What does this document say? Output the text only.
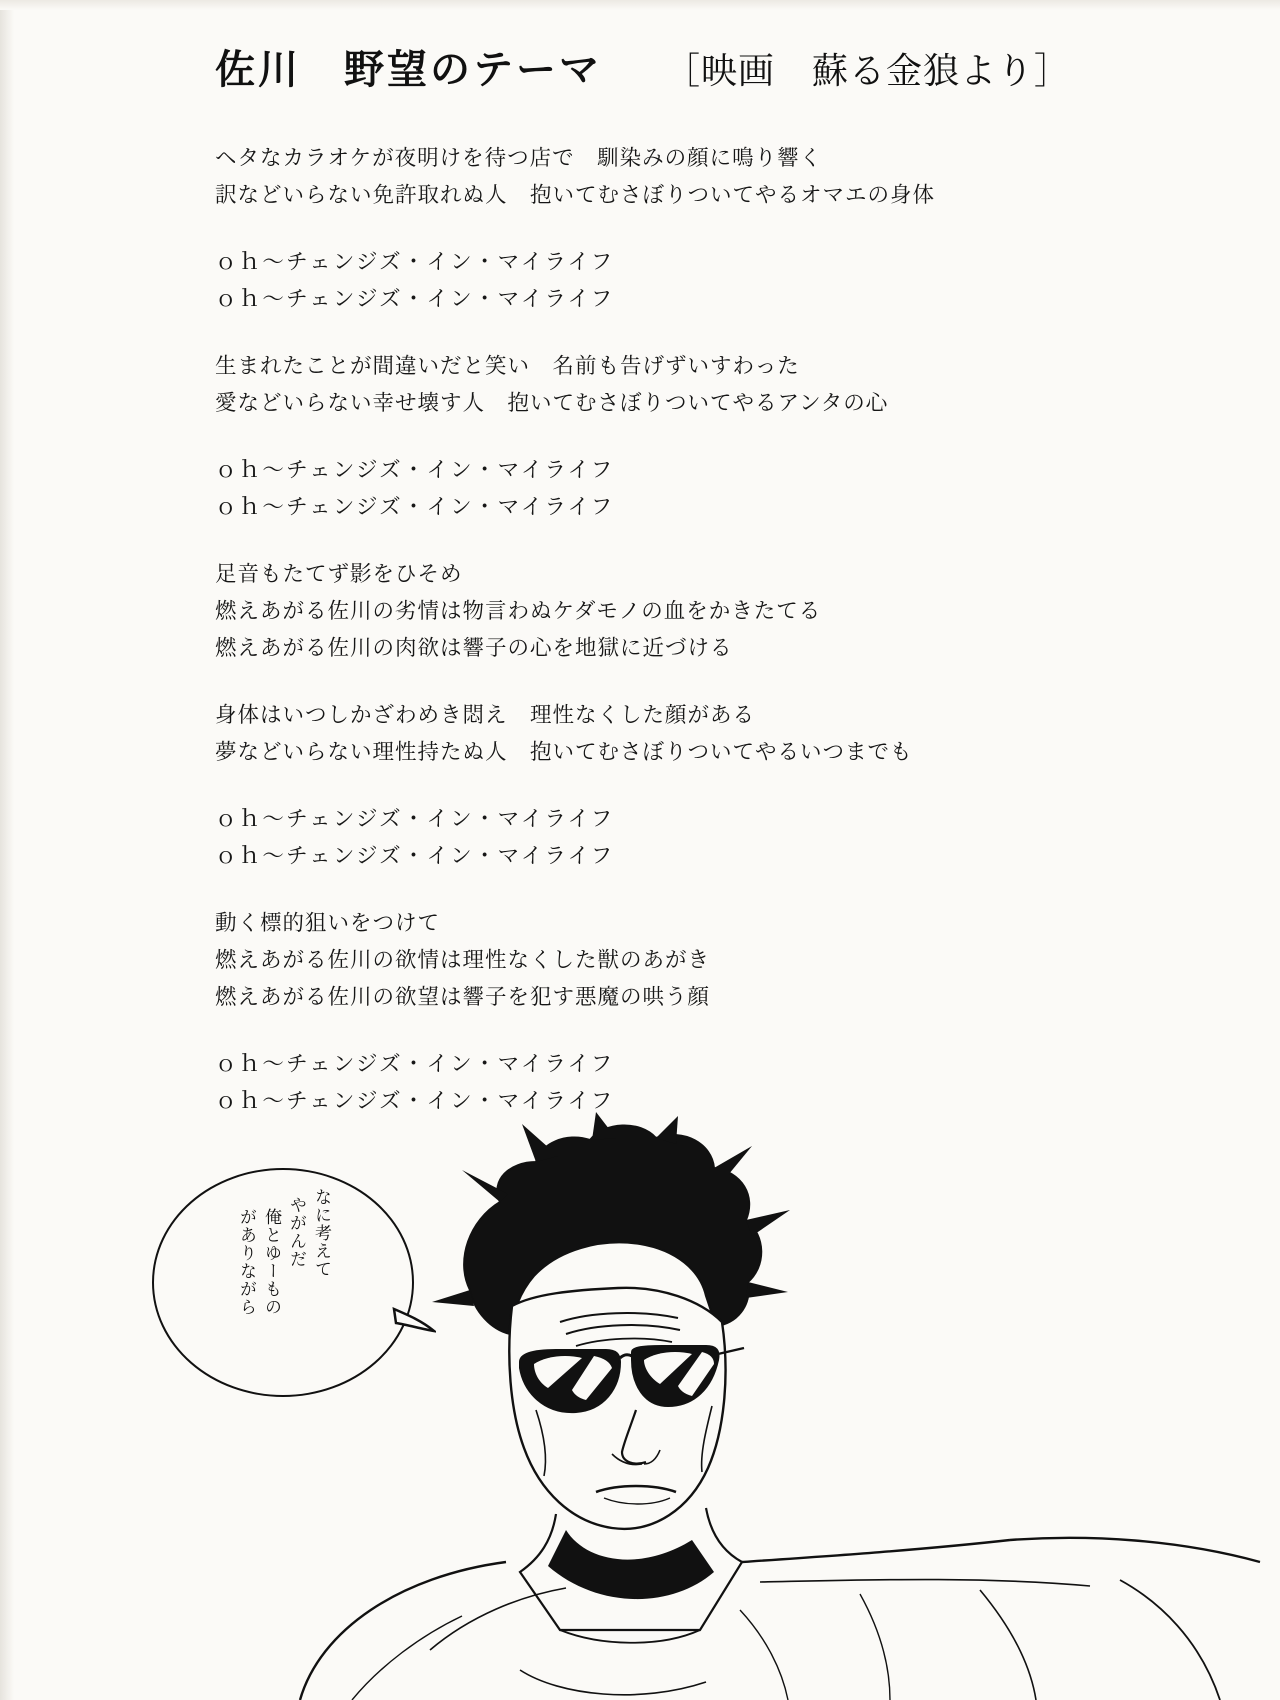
佐川　野望のテーマ ［映画　蘇る金狼より］
ヘタなカラオケが夜明けを待つ店で　馴染みの顔に鳴り響く
訳などいらない免許取れぬ人　抱いてむさぼりついてやるオマエの身体
ｏｈ〜チェンジズ・イン・マイライフ
ｏｈ〜チェンジズ・イン・マイライフ
生まれたことが間違いだと笑い　名前も告げずいすわった
愛などいらない幸せ壊す人　抱いてむさぼりついてやるアンタの心
ｏｈ〜チェンジズ・イン・マイライフ
ｏｈ〜チェンジズ・イン・マイライフ
足音もたてず影をひそめ
燃えあがる佐川の劣情は物言わぬケダモノの血をかきたてる
燃えあがる佐川の肉欲は響子の心を地獄に近づける
身体はいつしかざわめき悶え　理性なくした顔がある
夢などいらない理性持たぬ人　抱いてむさぼりついてやるいつまでも
ｏｈ〜チェンジズ・イン・マイライフ
ｏｈ〜チェンジズ・イン・マイライフ
動く標的狙いをつけて
燃えあがる佐川の欲情は理性なくした獣のあがき
燃えあがる佐川の欲望は響子を犯す悪魔の哄う顔
ｏｈ〜チェンジズ・イン・マイライフ
ｏｈ〜チェンジズ・イン・マイライフ
なに考えて
やがんだ
俺とゆーもの
がありながら
